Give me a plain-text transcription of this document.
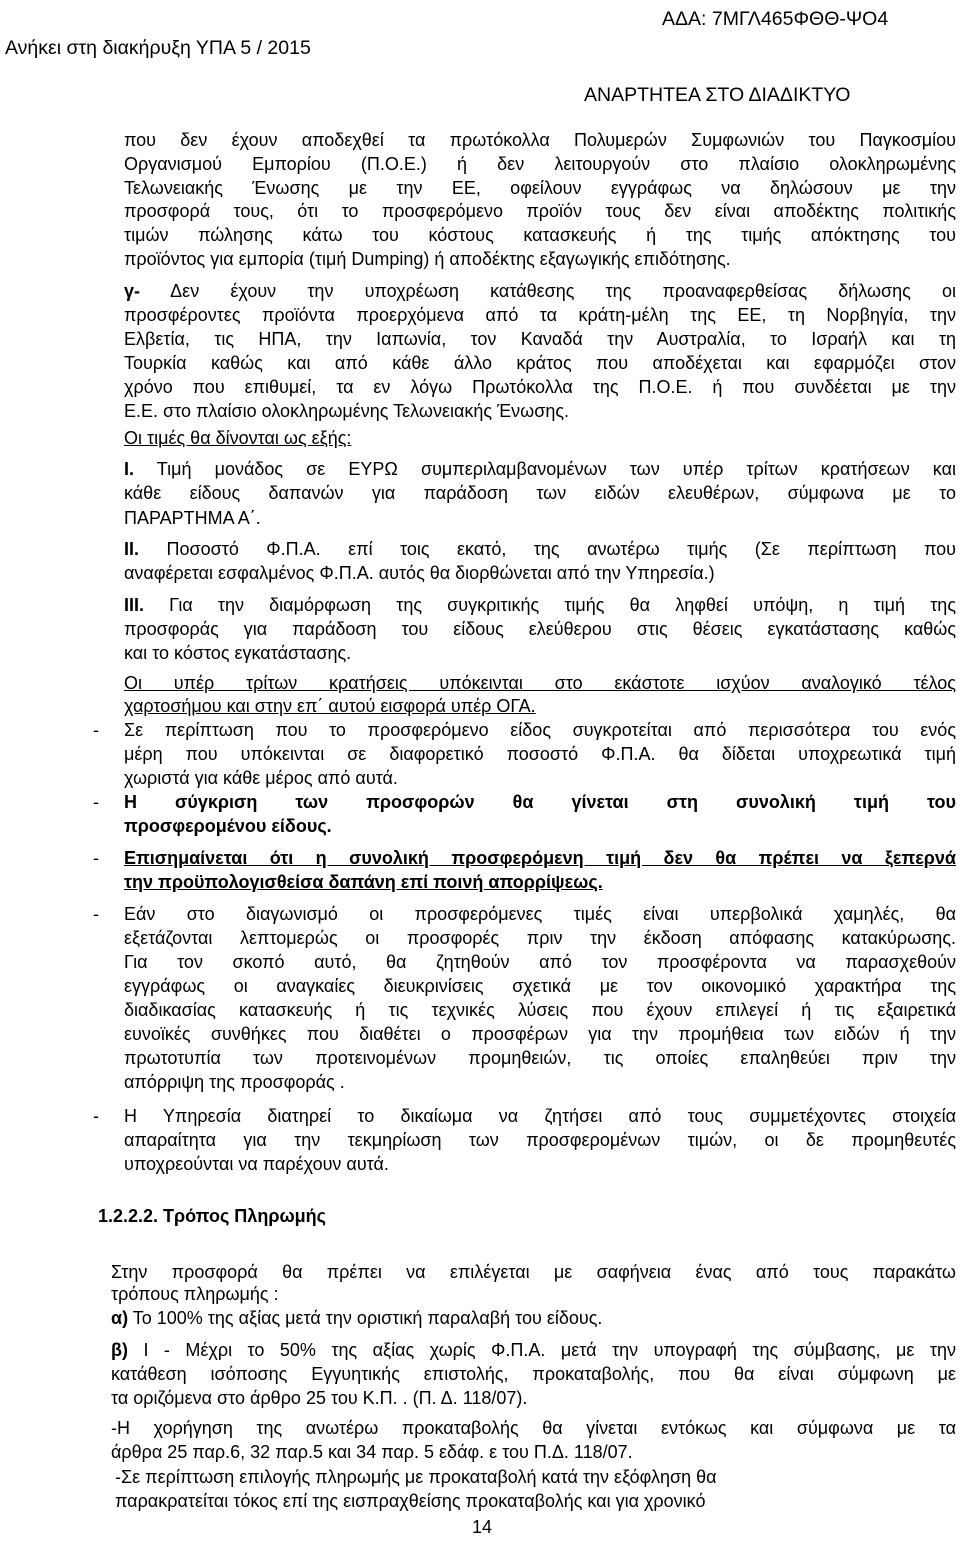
ΑΔΑ: 7ΜΓΛ465ΦΘΘ-ΨΟ4
Ανήκει στη διακήρυξη ΥΠΑ 5 / 2015
ΑΝΑΡΤΗΤΕΑ ΣΤΟ ΔΙΑΔΙΚΤΥΟ
που δεν έχουν αποδεχθεί τα πρωτόκολλα Πολυμερών Συμφωνιών του Παγκοσμίου
Οργανισμού Εμπορίου (Π.Ο.Ε.) ή δεν λειτουργούν στο πλαίσιο ολοκληρωμένης
Τελωνειακής Ένωσης με την ΕΕ, οφείλουν εγγράφως να δηλώσουν με την
προσφορά τους, ότι το προσφερόμενο προϊόν τους δεν είναι αποδέκτης πολιτικής
τιμών πώλησης κάτω του κόστους κατασκευής ή της τιμής απόκτησης του
προϊόντος για εμπορία (τιμή Dumping) ή αποδέκτης εξαγωγικής επιδότησης.
γ- Δεν έχουν την υποχρέωση κατάθεσης της προαναφερθείσας δήλωσης οι
προσφέροντες προϊόντα προερχόμενα από τα κράτη-μέλη της ΕΕ, τη Νορβηγία, την
Ελβετία, τις ΗΠΑ, την Ιαπωνία, τον Καναδά την Αυστραλία, το Ισραήλ και τη
Τουρκία καθώς και από κάθε άλλο κράτος που αποδέχεται και εφαρμόζει στον
χρόνο που επιθυμεί, τα εν λόγω Πρωτόκολλα της Π.Ο.Ε. ή που συνδέεται με την
Ε.Ε. στο πλαίσιο ολοκληρωμένης Τελωνειακής Ένωσης.
Οι τιμές θα δίνονται ως εξής:
Ι. Τιμή μονάδος σε ΕΥΡΩ συμπεριλαμβανομένων των υπέρ τρίτων κρατήσεων και
κάθε είδους δαπανών για παράδοση των ειδών ελευθέρων, σύμφωνα με το
ΠΑΡΑΡΤΗΜΑ Α΄.
ΙΙ. Ποσοστό Φ.Π.Α. επί τοις εκατό, της ανωτέρω τιμής (Σε περίπτωση που
αναφέρεται εσφαλμένος Φ.Π.Α. αυτός θα διορθώνεται από την Υπηρεσία.)
ΙΙΙ. Για την διαμόρφωση της συγκριτικής τιμής θα ληφθεί υπόψη, η τιμή της
προσφοράς για παράδοση του είδους ελεύθερου στις θέσεις εγκατάστασης καθώς
και το κόστος εγκατάστασης.
Οι υπέρ τρίτων κρατήσεις υπόκεινται στο εκάστοτε ισχύον αναλογικό τέλος
χαρτοσήμου και στην επ΄ αυτού εισφορά υπέρ ΟΓΑ.
- Σε περίπτωση που το προσφερόμενο είδος συγκροτείται από περισσότερα του ενός
μέρη που υπόκεινται σε διαφορετικό ποσοστό Φ.Π.Α. θα δίδεται υποχρεωτικά τιμή
χωριστά για κάθε μέρος από αυτά.
- Η σύγκριση των προσφορών θα γίνεται στη συνολική τιμή του
προσφερομένου είδους.
- Επισημαίνεται ότι η συνολική προσφερόμενη τιμή δεν θα πρέπει να ξεπερνά
την προϋπολογισθείσα δαπάνη επί ποινή απορρίψεως.
- Εάν στο διαγωνισμό οι προσφερόμενες τιμές είναι υπερβολικά χαμηλές, θα
εξετάζονται λεπτομερώς οι προσφορές πριν την έκδοση απόφασης κατακύρωσης.
Για τον σκοπό αυτό, θα ζητηθούν από τον προσφέροντα να παρασχεθούν
εγγράφως οι αναγκαίες διευκρινίσεις σχετικά με τον οικονομικό χαρακτήρα της
διαδικασίας κατασκευής ή τις τεχνικές λύσεις που έχουν επιλεγεί ή τις εξαιρετικά
ευνοϊκές συνθήκες που διαθέτει ο προσφέρων για την προμήθεια των ειδών ή την
πρωτοτυπία των προτεινομένων προμηθειών, τις οποίες επαληθεύει πριν την
απόρριψη της προσφοράς .
- Η Υπηρεσία διατηρεί το δικαίωμα να ζητήσει από τους συμμετέχοντες στοιχεία
απαραίτητα για την τεκμηρίωση των προσφερομένων τιμών, οι δε προμηθευτές
υποχρεούνται να παρέχουν αυτά.
1.2.2.2. Τρόπος Πληρωμής
Στην προσφορά θα πρέπει να επιλέγεται με σαφήνεια ένας από τους παρακάτω
τρόπους πληρωμής :
α) Το 100% της αξίας μετά την οριστική παραλαβή του είδους.
β) Ι - Μέχρι το 50% της αξίας χωρίς Φ.Π.Α. μετά την υπογραφή της σύμβασης, με την
κατάθεση ισόποσης Εγγυητικής επιστολής, προκαταβολής, που θα είναι σύμφωνη με
τα οριζόμενα στο άρθρο 25 του Κ.Π. . (Π. Δ. 118/07).
-Η χορήγηση της ανωτέρω προκαταβολής θα γίνεται εντόκως και σύμφωνα με τα
άρθρα 25 παρ.6, 32 παρ.5 και 34 παρ. 5 εδάφ. ε του Π.Δ. 118/07.
-Σε περίπτωση επιλογής πληρωμής με προκαταβολή κατά την εξόφληση θα
παρακρατείται τόκος επί της εισπραχθείσης προκαταβολής και για χρονικό
14
